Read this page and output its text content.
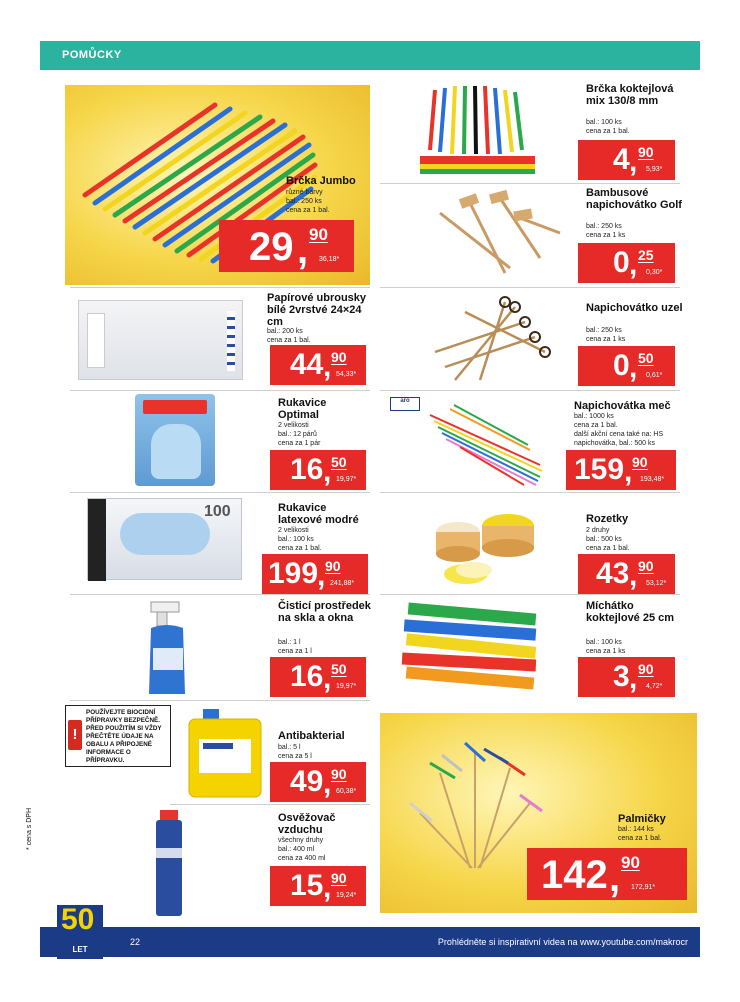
POMŮCKY
Brčka Jumbo
různé barvy
bal.: 250 ks
cena za 1 bal.
29 , 90
36,18*
Brčka koktejlová mix 130/8 mm
bal.: 100 ks
cena za 1 bal.
4 , 90
5,93*
Bambusové napichovátko Golf
bal.: 250 ks
cena za 1 ks
0 , 25
0,30*
Papírové ubrousky bílé 2vrstvé 24×24 cm
bal.: 200 ks
cena za 1 bal.
44 , 90
54,33*
Napichovátko uzel
bal.: 250 ks
cena za 1 ks
0 , 50
0,61*
Rukavice Optimal
2 velikosti
bal.: 12 párů
cena za 1 pár
16 , 50
19,97*
aro	Napichovátka meč
bal.: 1000 ks
cena za 1 bal.
další akční cena také na: HS
napichovátka, bal.: 500 ks
159 , 90
193,48*
100	Rukavice latexové modré
2 velikosti
bal.: 100 ks
cena za 1 bal.
199
, 90
241,88*
Rozetky
2 druhy
bal.: 500 ks
cena za 1 bal.
43 , 90
53,12*
Čisticí prostředek na skla a okna
bal.: 1 l
cena za 1 l
16 , 50
19,97*
Míchátko koktejlové 25 cm
bal.: 100 ks
cena za 1 ks
3 , 90
4,72*
!
POUŽÍVEJTE BIOCIDNÍ PŘÍPRAVKY BEZPEČNĚ. PŘED POUŽITÍM SI VŽDY PŘEČTĚTE ÚDAJE NA OBALU A PŘIPOJENÉ INFORMACE O PŘÍPRAVKU.
Antibakterial
bal.: 5 l
cena za 5 l
49 , 90
60,38*
Palmičky
bal.: 144 ks
cena za 1 bal.
142 , 90
172,91*
Osvěžovač vzduchu
všechny druhy
bal.: 400 ml
cena za 400 ml
15 , 90
19,24*
* cena s DPH
22	Prohlédněte si inspirativní videa na www.youtube.com/makrocr
50
LET
